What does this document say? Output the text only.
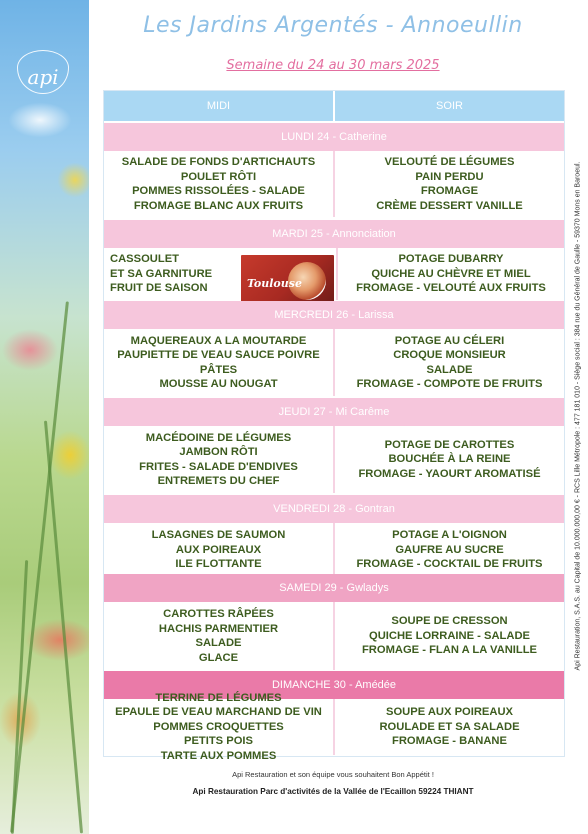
api
Les Jardins Argentés - Annoeullin
Semaine du 24 au 30 mars 2025
MIDI	SOIR
LUNDI 24 - Catherine
SALADE DE FONDS D'ARTICHAUTS
POULET RÔTI
POMMES RISSOLÉES - SALADE
FROMAGE BLANC AUX FRUITS
VELOUTÉ DE LÉGUMES
PAIN PERDU
FROMAGE
CRÈME DESSERT VANILLE
MARDI 25 - Annonciation
CASSOULET
ET SA GARNITURE
FRUIT DE SAISON
POTAGE DUBARRY
QUICHE AU CHÈVRE ET MIEL
FROMAGE - VELOUTÉ AUX FRUITS
Toulouse
MERCREDI 26 - Larissa
MAQUEREAUX A LA MOUTARDE
PAUPIETTE DE VEAU SAUCE POIVRE
PÂTES
MOUSSE AU NOUGAT
POTAGE AU CÉLERI
CROQUE MONSIEUR
SALADE
FROMAGE - COMPOTE DE FRUITS
JEUDI 27 - Mi Carême
MACÉDOINE DE LÉGUMES
JAMBON RÔTI
FRITES - SALADE D'ENDIVES
ENTREMETS DU CHEF
POTAGE DE CAROTTES
BOUCHÉE À LA REINE
FROMAGE - YAOURT AROMATISÉ
VENDREDI 28 - Gontran
LASAGNES DE SAUMON
AUX POIREAUX
ILE FLOTTANTE
POTAGE A L'OIGNON
GAUFRE AU SUCRE
FROMAGE - COCKTAIL DE FRUITS
SAMEDI 29 - Gwladys
CAROTTES RÂPÉES
HACHIS PARMENTIER
SALADE
GLACE
SOUPE DE CRESSON
QUICHE LORRAINE - SALADE
FROMAGE - FLAN A LA VANILLE
DIMANCHE 30 - Amédée
TERRINE DE LÉGUMES
EPAULE DE VEAU MARCHAND DE VIN
POMMES CROQUETTES
PETITS POIS
TARTE AUX POMMES
SOUPE AUX POIREAUX
ROULADE ET SA SALADE
FROMAGE - BANANE
Api Restauration et son équipe vous souhaitent Bon Appétit !
Api Restauration Parc d'activités de la Vallée de l'Ecaillon 59224 THIANT
Api Restauration, S.A.S. au Capital de 10.000.000,00 € - RCS Lille Métropole : 477 181 010 - Siège social : 384 rue du Général de Gaulle - 59370 Mons en Baroeul.
